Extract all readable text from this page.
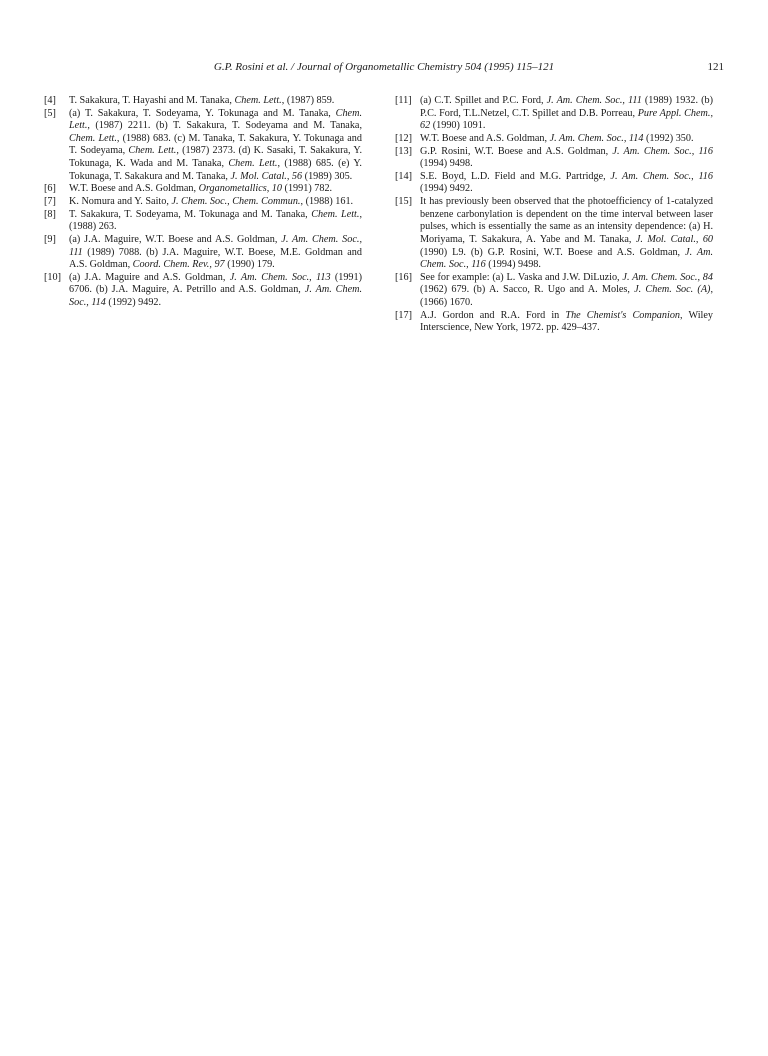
G.P. Rosini et al. / Journal of Organometallic Chemistry 504 (1995) 115–121	121
[4] T. Sakakura, T. Hayashi and M. Tanaka, Chem. Lett., (1987) 859.
[5] (a) T. Sakakura, T. Sodeyama, Y. Tokunaga and M. Tanaka, Chem. Lett., (1987) 2211. (b) T. Sakakura, T. Sodeyama and M. Tanaka, Chem. Lett., (1988) 683. (c) M. Tanaka, T. Sakakura, Y. Tokunaga and T. Sodeyama, Chem. Lett., (1987) 2373. (d) K. Sasaki, T. Sakakura, Y. Tokunaga, K. Wada and M. Tanaka, Chem. Lett., (1988) 685. (e) Y. Tokunaga, T. Sakakura and M. Tanaka, J. Mol. Catal., 56 (1989) 305.
[6] W.T. Boese and A.S. Goldman, Organometallics, 10 (1991) 782.
[7] K. Nomura and Y. Saito, J. Chem. Soc., Chem. Commun., (1988) 161.
[8] T. Sakakura, T. Sodeyama, M. Tokunaga and M. Tanaka, Chem. Lett., (1988) 263.
[9] (a) J.A. Maguire, W.T. Boese and A.S. Goldman, J. Am. Chem. Soc., 111 (1989) 7088. (b) J.A. Maguire, W.T. Boese, M.E. Goldman and A.S. Goldman, Coord. Chem. Rev., 97 (1990) 179.
[10] (a) J.A. Maguire and A.S. Goldman, J. Am. Chem. Soc., 113 (1991) 6706. (b) J.A. Maguire, A. Petrillo and A.S. Goldman, J. Am. Chem. Soc., 114 (1992) 9492.
[11] (a) C.T. Spillet and P.C. Ford, J. Am. Chem. Soc., 111 (1989) 1932. (b) P.C. Ford, T.L.Netzel, C.T. Spillet and D.B. Porreau, Pure Appl. Chem., 62 (1990) 1091.
[12] W.T. Boese and A.S. Goldman, J. Am. Chem. Soc., 114 (1992) 350.
[13] G.P. Rosini, W.T. Boese and A.S. Goldman, J. Am. Chem. Soc., 116 (1994) 9498.
[14] S.E. Boyd, L.D. Field and M.G. Partridge, J. Am. Chem. Soc., 116 (1994) 9492.
[15] It has previously been observed that the photoefficiency of 1-catalyzed benzene carbonylation is dependent on the time interval between laser pulses, which is essentially the same as an intensity dependence: (a) H. Moriyama, T. Sakakura, A. Yabe and M. Tanaka, J. Mol. Catal., 60 (1990) L9. (b) G.P. Rosini, W.T. Boese and A.S. Goldman, J. Am. Chem. Soc., 116 (1994) 9498.
[16] See for example: (a) L. Vaska and J.W. DiLuzio, J. Am. Chem. Soc., 84 (1962) 679. (b) A. Sacco, R. Ugo and A. Moles, J. Chem. Soc. (A), (1966) 1670.
[17] A.J. Gordon and R.A. Ford in The Chemist's Companion, Wiley Interscience, New York, 1972. pp. 429–437.
